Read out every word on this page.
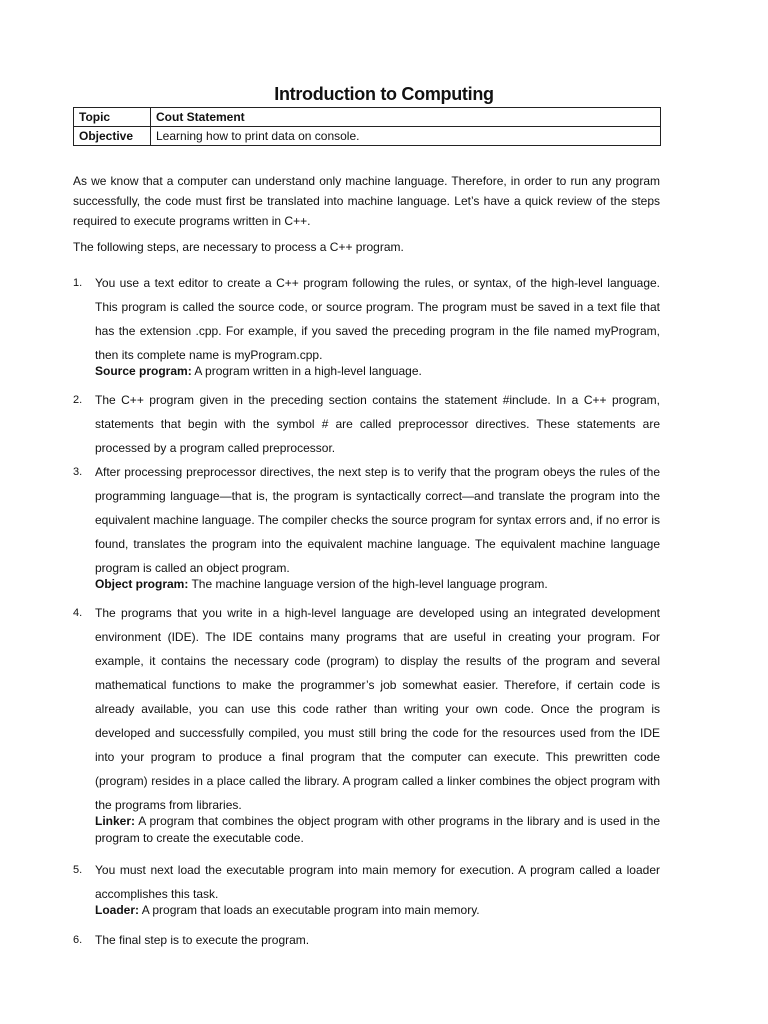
Introduction to Computing
Topic	Cout Statement
Objective	Learning how to print data on console.
As we know that a computer can understand only machine language. Therefore, in order to run any program successfully, the code must first be translated into machine language. Let’s have a quick review of the steps required to execute programs written in C++.
The following steps, are necessary to process a C++ program.
1.	You use a text editor to create a C++ program following the rules, or syntax, of the high-level language. This program is called the source code, or source program. The program must be saved in a text file that has the extension .cpp. For example, if you saved the preceding program in the file named myProgram, then its complete name is myProgram.cpp.
Source program: A program written in a high-level language.
2.	The C++ program given in the preceding section contains the statement #include. In a C++ program, statements that begin with the symbol # are called preprocessor directives. These statements are processed by a program called preprocessor.
3.	After processing preprocessor directives, the next step is to verify that the program obeys the rules of the programming language—that is, the program is syntactically correct—and translate the program into the equivalent machine language. The compiler checks the source program for syntax errors and, if no error is found, translates the program into the equivalent machine language. The equivalent machine language program is called an object program.
Object program: The machine language version of the high-level language program.
4.	The programs that you write in a high-level language are developed using an integrated development environment (IDE). The IDE contains many programs that are useful in creating your program. For example, it contains the necessary code (program) to display the results of the program and several mathematical functions to make the programmer’s job somewhat easier. Therefore, if certain code is already available, you can use this code rather than writing your own code. Once the program is developed and successfully compiled, you must still bring the code for the resources used from the IDE into your program to produce a final program that the computer can execute. This prewritten code (program) resides in a place called the library. A program called a linker combines the object program with the programs from libraries.
Linker: A program that combines the object program with other programs in the library and is used in the program to create the executable code.
5.	You must next load the executable program into main memory for execution. A program called a loader accomplishes this task.
Loader: A program that loads an executable program into main memory.
6.	The final step is to execute the program.
